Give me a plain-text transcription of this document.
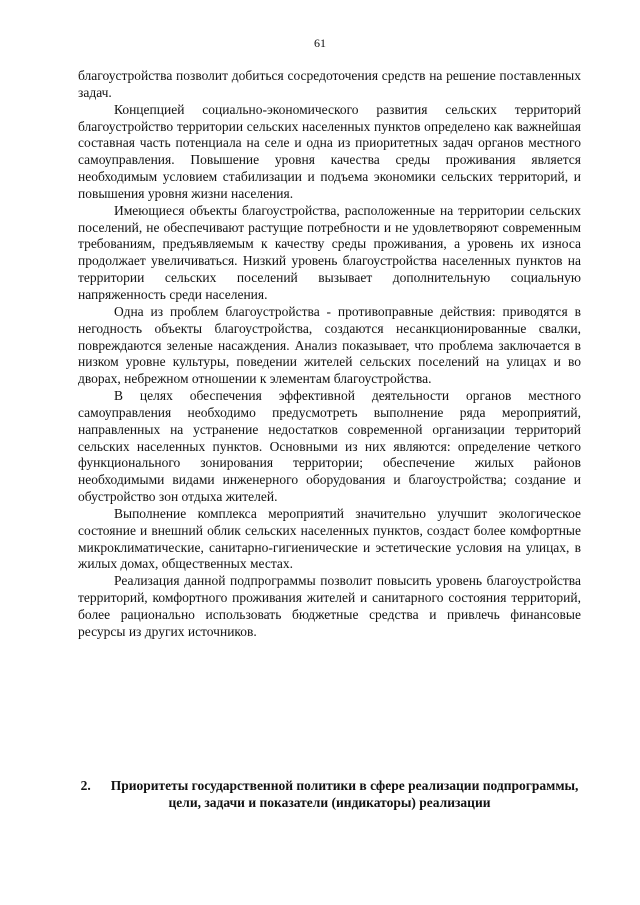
61

благоустройства позволит добиться сосредоточения средств на решение поставленных задач.

Концепцией социально-экономического развития сельских территорий благоустройство территории сельских населенных пунктов определено как важнейшая составная часть потенциала на селе и одна из приоритетных задач органов местного самоуправления. Повышение уровня качества среды проживания является необходимым условием стабилизации и подъема экономики сельских территорий, и повышения уровня жизни населения.

Имеющиеся объекты благоустройства, расположенные на территории сельских поселений, не обеспечивают растущие потребности и не удовлетворяют современным требованиям, предъявляемым к качеству среды проживания, а уровень их износа продолжает увеличиваться. Низкий уровень благоустройства населенных пунктов на территории сельских поселений вызывает дополнительную социальную напряженность среди населения.

Одна из проблем благоустройства - противоправные действия: приводятся в негодность объекты благоустройства, создаются несанкционированные свалки, повреждаются зеленые насаждения. Анализ показывает, что проблема заключается в низком уровне культуры, поведении жителей сельских поселений на улицах и во дворах, небрежном отношении к элементам благоустройства.

В целях обеспечения эффективной деятельности органов местного самоуправления необходимо предусмотреть выполнение ряда мероприятий, направленных на устранение недостатков современной организации территорий сельских населенных пунктов. Основными из них являются: определение четкого функционального зонирования территории; обеспечение жилых районов необходимыми видами инженерного оборудования и благоустройства; создание и обустройство зон отдыха жителей.

Выполнение комплекса мероприятий значительно улучшит экологическое состояние и внешний облик сельских населенных пунктов, создаст более комфортные микроклиматические, санитарно-гигиенические и эстетические условия на улицах, в жилых домах, общественных местах.

Реализация данной подпрограммы позволит повысить уровень благоустройства территорий, комфортного проживания жителей и санитарного состояния территорий, более рационально использовать бюджетные средства и привлечь финансовые ресурсы из других источников.

2. Приоритеты государственной политики в сфере реализации подпрограммы, цели, задачи и показатели (индикаторы) реализации
